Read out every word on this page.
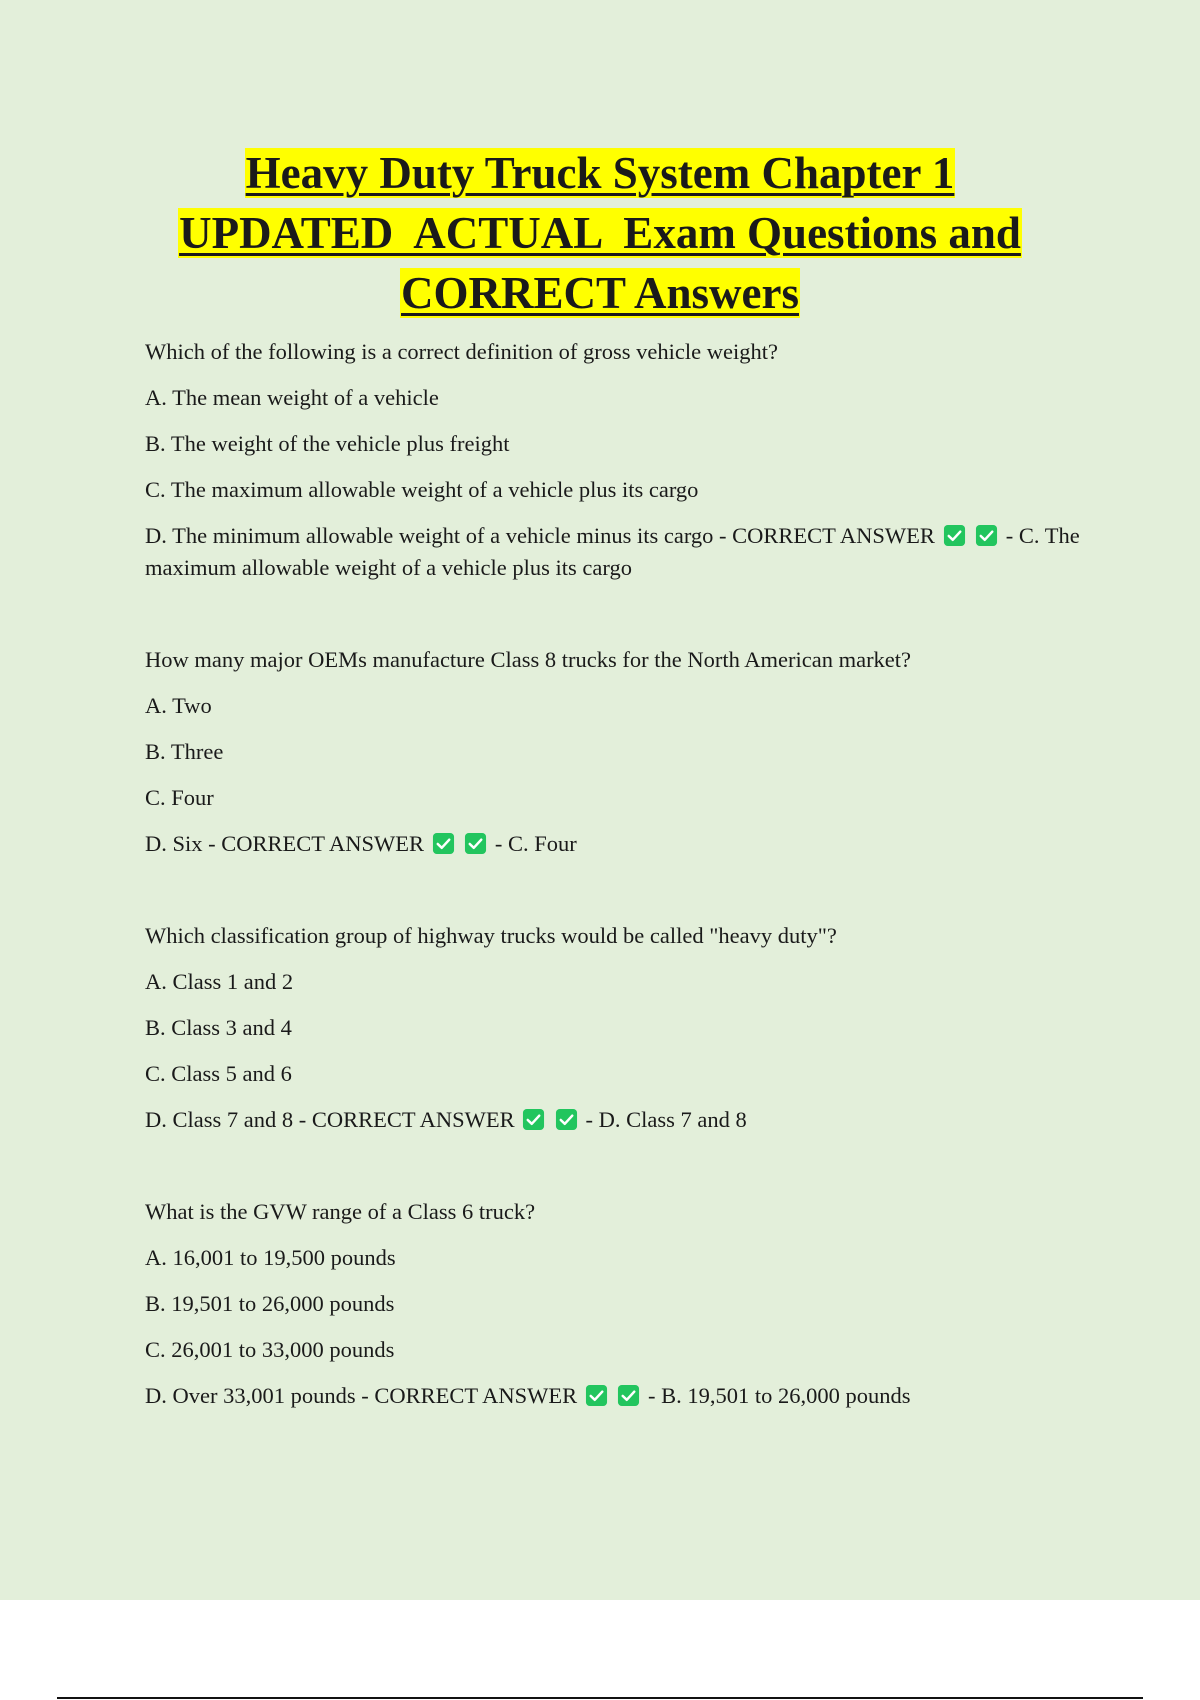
Heavy Duty Truck System Chapter 1
UPDATED  ACTUAL  Exam Questions and
CORRECT Answers
Which of the following is a correct definition of gross vehicle weight?
A. The mean weight of a vehicle
B. The weight of the vehicle plus freight
C. The maximum allowable weight of a vehicle plus its cargo
D. The minimum allowable weight of a vehicle minus its cargo - CORRECT ANSWER	- C. The maximum allowable weight of a vehicle plus its cargo
How many major OEMs manufacture Class 8 trucks for the North American market?
A. Two
B. Three
C. Four
D. Six - CORRECT ANSWER	- C. Four
Which classification group of highway trucks would be called "heavy duty"?
A. Class 1 and 2
B. Class 3 and 4
C. Class 5 and 6
D. Class 7 and 8 - CORRECT ANSWER	- D. Class 7 and 8
What is the GVW range of a Class 6 truck?
A. 16,001 to 19,500 pounds
B. 19,501 to 26,000 pounds
C. 26,001 to 33,000 pounds
D. Over 33,001 pounds - CORRECT ANSWER	- B. 19,501 to 26,000 pounds
